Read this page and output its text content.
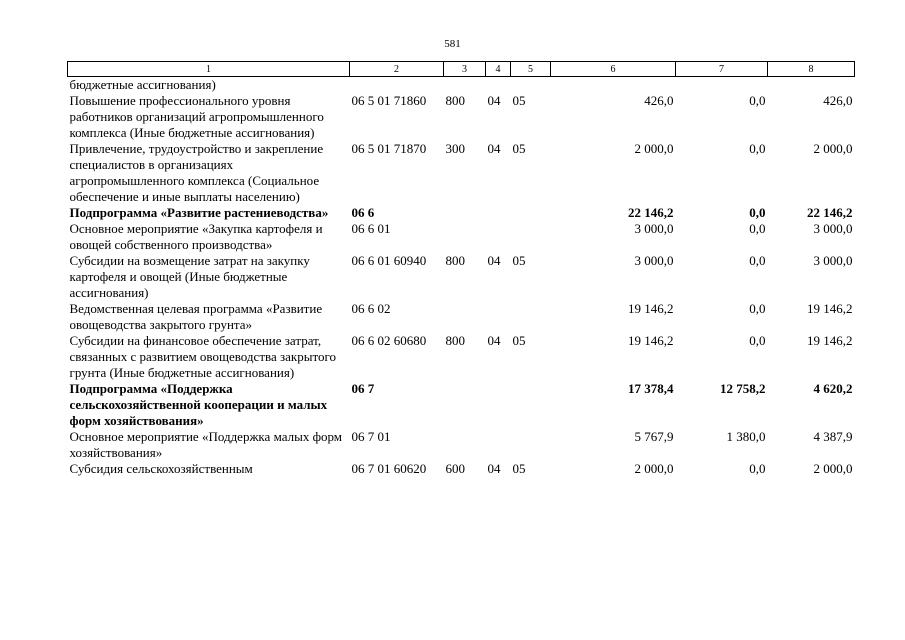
581
1	2	3	4	5	6	7	8
бюджетные ассигнования)							
Повышение профессионального уровня работников организаций агропромышленного комплекса (Иные бюджетные ассигнования)	06 5 01 71860	800	04	05	426,0	0,0	426,0
Привлечение, трудоустройство и закрепление специалистов в организациях агропромышленного комплекса (Социальное обеспечение и иные выплаты населению)	06 5 01 71870	300	04	05	2 000,0	0,0	2 000,0
Подпрограмма «Развитие растениеводства»	06 6				22 146,2	0,0	22 146,2
Основное мероприятие «Закупка картофеля и овощей собственного производства»	06 6 01				3 000,0	0,0	3 000,0
Субсидии на возмещение затрат на закупку картофеля и овощей (Иные бюджетные ассигнования)	06 6 01 60940	800	04	05	3 000,0	0,0	3 000,0
Ведомственная целевая программа «Развитие овощеводства закрытого грунта»	06 6 02				19 146,2	0,0	19 146,2
Субсидии на финансовое обеспечение затрат, связанных с развитием овощеводства закрытого грунта (Иные бюджетные ассигнования)	06 6 02 60680	800	04	05	19 146,2	0,0	19 146,2
Подпрограмма «Поддержка сельскохозяйственной кооперации и малых форм хозяйствования»	06 7				17 378,4	12 758,2	4 620,2
Основное мероприятие «Поддержка малых форм хозяйствования»	06 7 01				5 767,9	1 380,0	4 387,9
Субсидия сельскохозяйственным	06 7 01 60620	600	04	05	2 000,0	0,0	2 000,0
